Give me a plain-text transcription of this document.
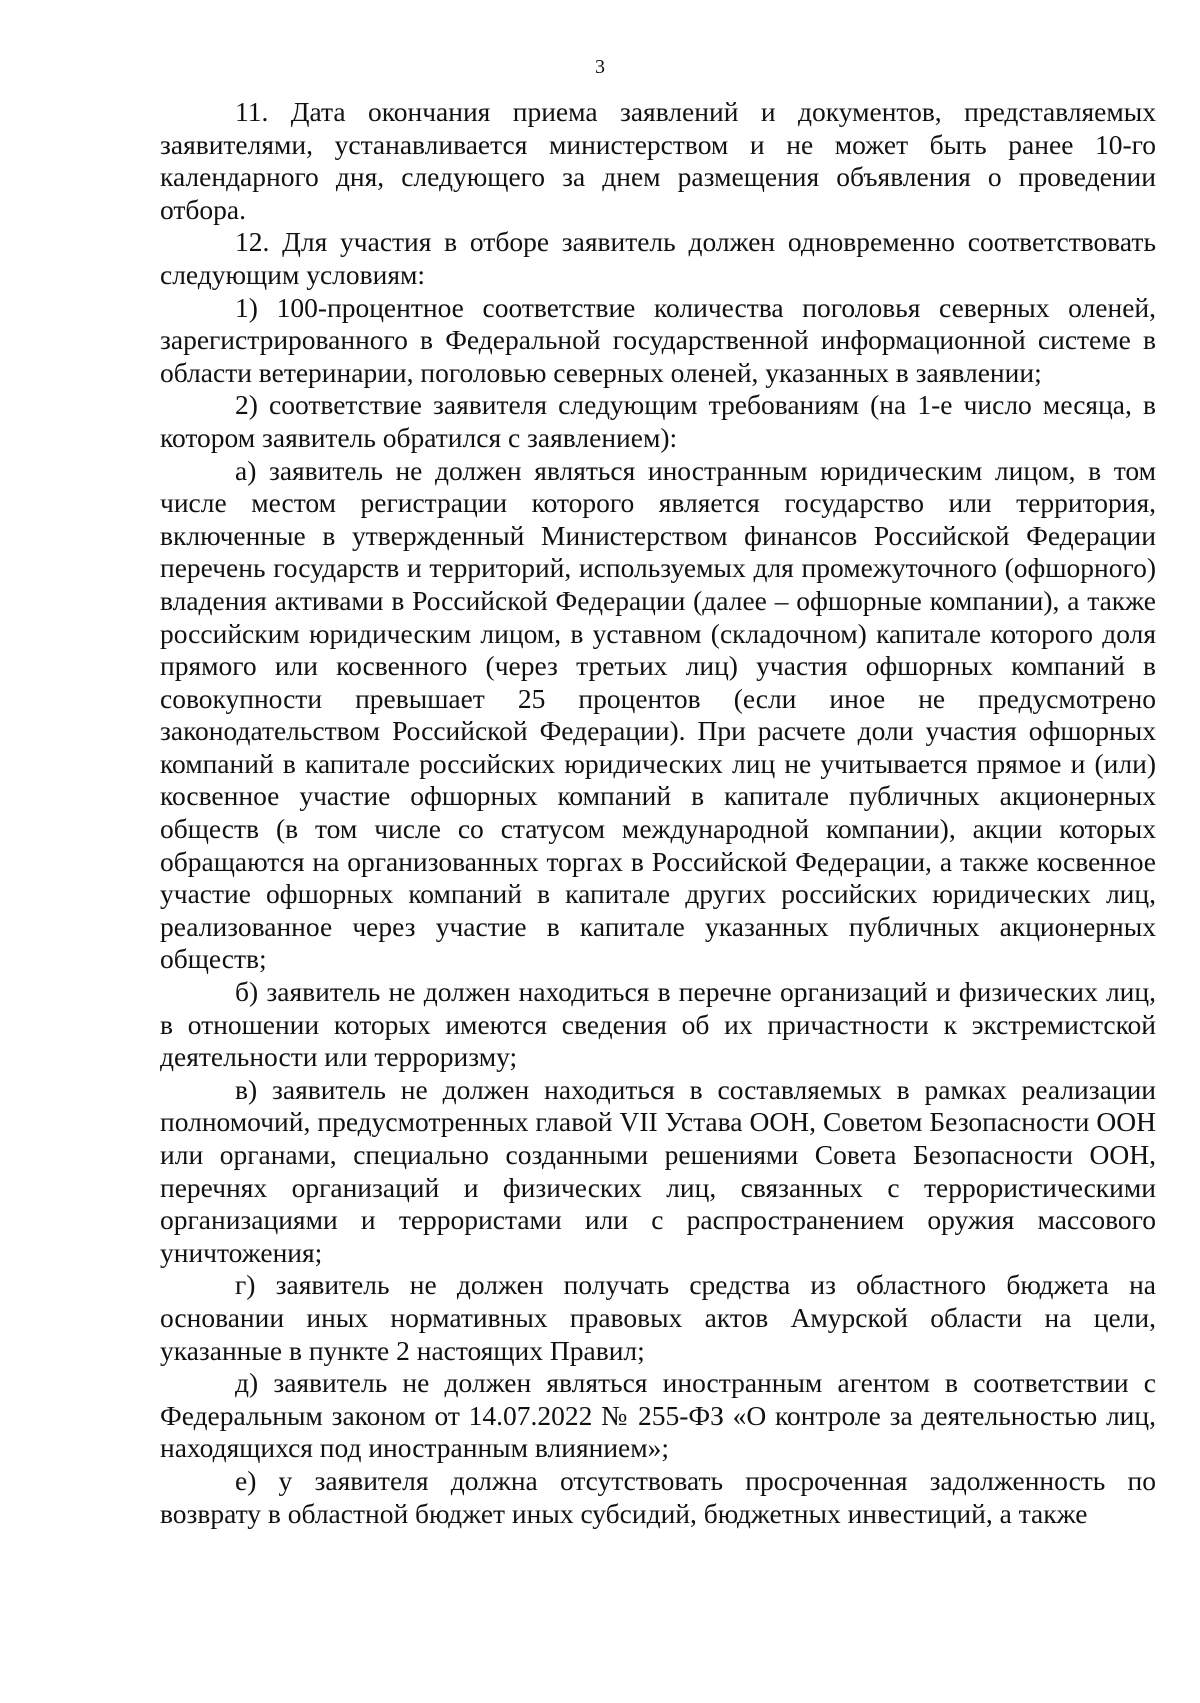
3

11. Дата окончания приема заявлений и документов, представляемых заявителями, устанавливается министерством и не может быть ранее 10-го календарного дня, следующего за днем размещения объявления о проведении отбора.

12. Для участия в отборе заявитель должен одновременно соответствовать следующим условиям:

1) 100-процентное соответствие количества поголовья северных оленей, зарегистрированного в Федеральной государственной информационной системе в области ветеринарии, поголовью северных оленей, указанных в заявлении;

2) соответствие заявителя следующим требованиям (на 1-е число месяца, в котором заявитель обратился с заявлением):

а) заявитель не должен являться иностранным юридическим лицом, в том числе местом регистрации которого является государство или территория, включенные в утвержденный Министерством финансов Российской Федерации перечень государств и территорий, используемых для промежуточного (офшорного) владения активами в Российской Федерации (далее – офшорные компании), а также российским юридическим лицом, в уставном (складочном) капитале которого доля прямого или косвенного (через третьих лиц) участия офшорных компаний в совокупности превышает 25 процентов (если иное не предусмотрено законодательством Российской Федерации). При расчете доли участия офшорных компаний в капитале российских юридических лиц не учитывается прямое и (или) косвенное участие офшорных компаний в капитале публичных акционерных обществ (в том числе со статусом международной компании), акции которых обращаются на организованных торгах в Российской Федерации, а также косвенное участие офшорных компаний в капитале других российских юридических лиц, реализованное через участие в капитале указанных публичных акционерных обществ;

б) заявитель не должен находиться в перечне организаций и физических лиц, в отношении которых имеются сведения об их причастности к экстремистской деятельности или терроризму;

в) заявитель не должен находиться в составляемых в рамках реализации полномочий, предусмотренных главой VII Устава ООН, Советом Безопасности ООН или органами, специально созданными решениями Совета Безопасности ООН, перечнях организаций и физических лиц, связанных с террористическими организациями и террористами или с распространением оружия массового уничтожения;

г) заявитель не должен получать средства из областного бюджета на основании иных нормативных правовых актов Амурской области на цели, указанные в пункте 2 настоящих Правил;

д) заявитель не должен являться иностранным агентом в соответствии с Федеральным законом от 14.07.2022 № 255-ФЗ «О контроле за деятельностью лиц, находящихся под иностранным влиянием»;

е) у заявителя должна отсутствовать просроченная задолженность по возврату в областной бюджет иных субсидий, бюджетных инвестиций, а также
